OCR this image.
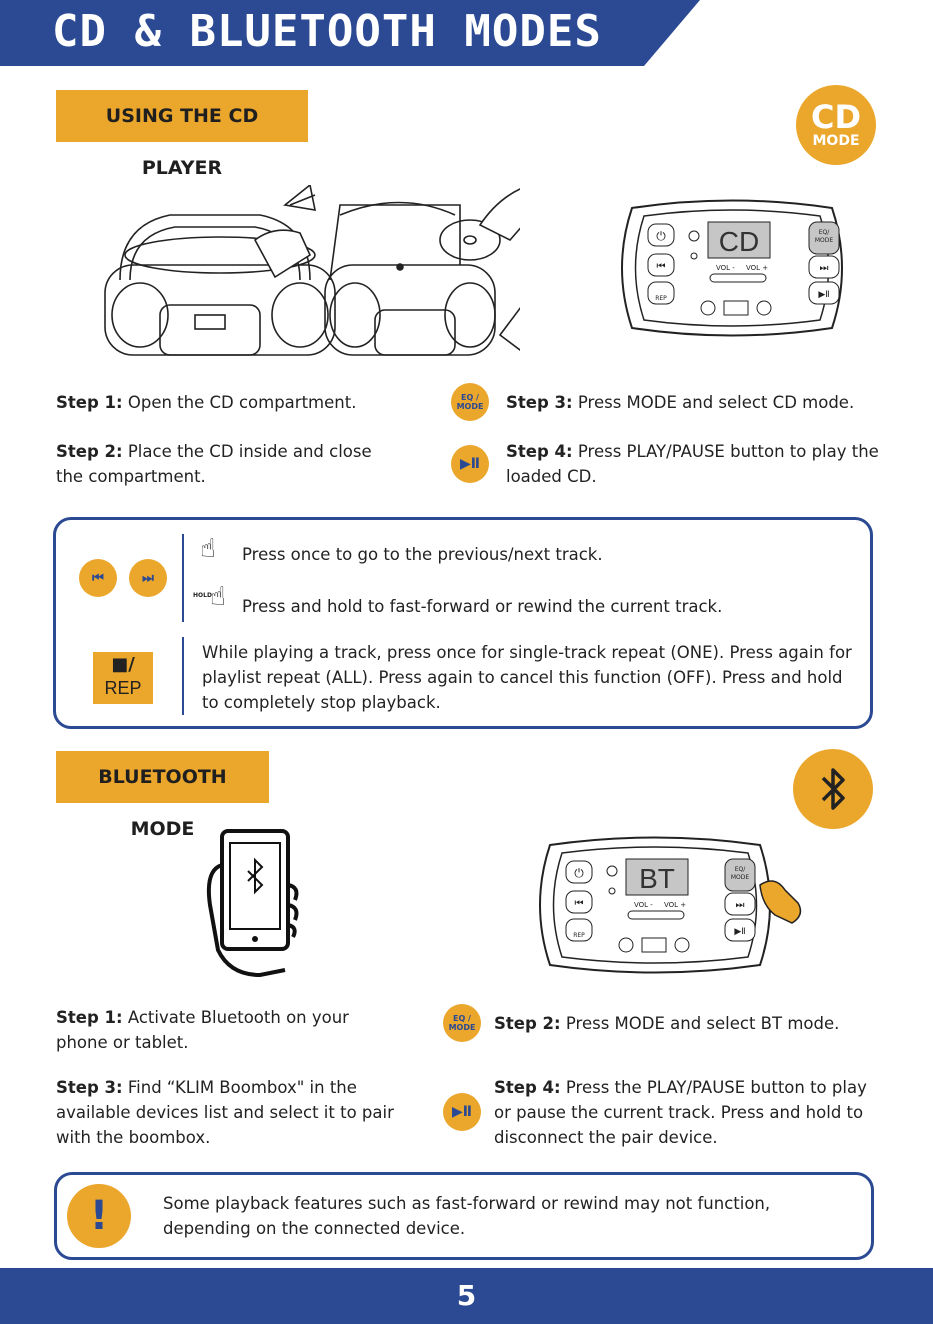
CD & BLUETOOTH MODES
USING THE CD PLAYER
CD
MODE
⏻
⏮
REP
CD	EQ/
MODE
⏭
▶Ⅱ
VOL - VOL +
Step 1: Open the CD compartment.
Step 2: Place the CD inside and close the compartment.
EQ /
MODE Step 3: Press MODE and select CD mode.
▶Ⅱ
Step 4: Press PLAY/PAUSE button to play the loaded CD.
⏮	⏭
☝ Press once to go to the previous/next track.
HOLD
☝ Press and hold to fast-forward or rewind the current track.
■/
REP
While playing a track, press once for single-track repeat (ONE). Press again for playlist repeat (ALL). Press again to cancel this function (OFF). Press and hold to completely stop playback.
BLUETOOTH MODE
⏻
⏮
REP
BT	EQ/
MODE
⏭
▶Ⅱ
VOL - VOL +
Step 1: Activate Bluetooth on your phone or tablet.
Step 3: Find “KLIM Boombox" in the available devices list and select it to pair with the boombox.
EQ /
MODE Step 2: Press MODE and select BT mode.
▶Ⅱ
Step 4: Press the PLAY/PAUSE button to play or pause the current track. Press and hold to disconnect the pair device.
!	Some playback features such as fast-forward or rewind may not function, depending on the connected device.
5
